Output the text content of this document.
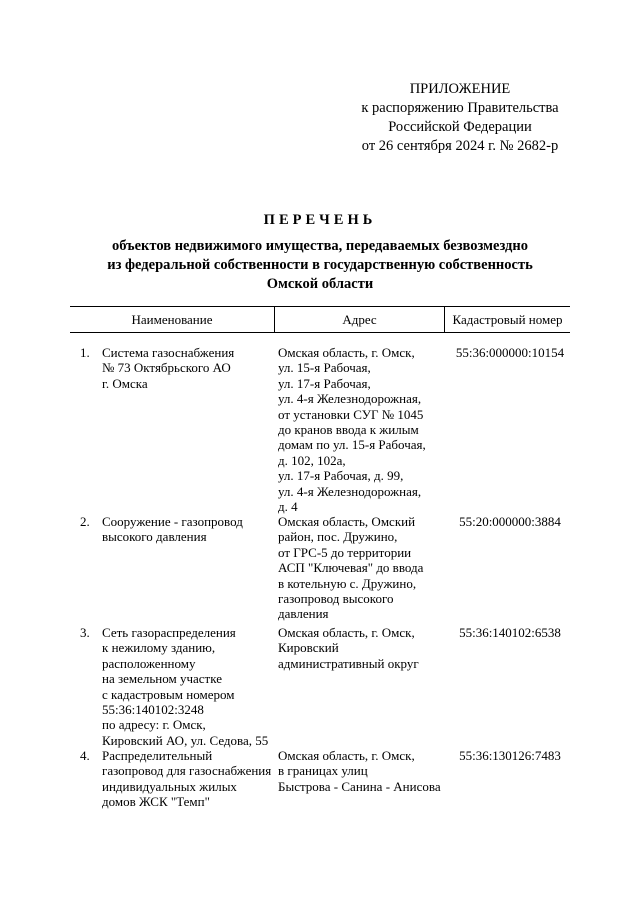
ПРИЛОЖЕНИЕ
к распоряжению Правительства
Российской Федерации
от 26 сентября 2024 г. № 2682-р
ПЕРЕЧЕНЬ
объектов недвижимого имущества, передаваемых безвозмездно
из федеральной собственности в государственную собственность
Омской области
Наименование	Адрес	Кадастровый номер
1. Система газоснабжения
№ 73 Октябрьского АО
г. Омска
Омская область, г. Омск,
ул. 15-я Рабочая,
ул. 17-я Рабочая,
ул. 4-я Железнодорожная,
от установки СУГ № 1045
до кранов ввода к жилым
домам по ул. 15-я Рабочая,
д. 102, 102а,
ул. 17-я Рабочая, д. 99,
ул. 4-я Железнодорожная,
д. 4
55:36:000000:10154
2. Сооружение - газопровод
высокого давления
Омская область, Омский
район, пос. Дружино,
от ГРС-5 до территории
АСП "Ключевая" до ввода
в котельную с. Дружино,
газопровод высокого
давления
55:20:000000:3884
3. Сеть газораспределения
к нежилому зданию,
расположенному
на земельном участке
с кадастровым номером
55:36:140102:3248
по адресу: г. Омск,
Кировский АО, ул. Седова, 55
Омская область, г. Омск,
Кировский
административный округ
55:36:140102:6538
4. Распределительный
газопровод для газоснабжения
индивидуальных жилых
домов ЖСК "Темп"
Омская область, г. Омск,
в границах улиц
Быстрова - Санина - Анисова
55:36:130126:7483
